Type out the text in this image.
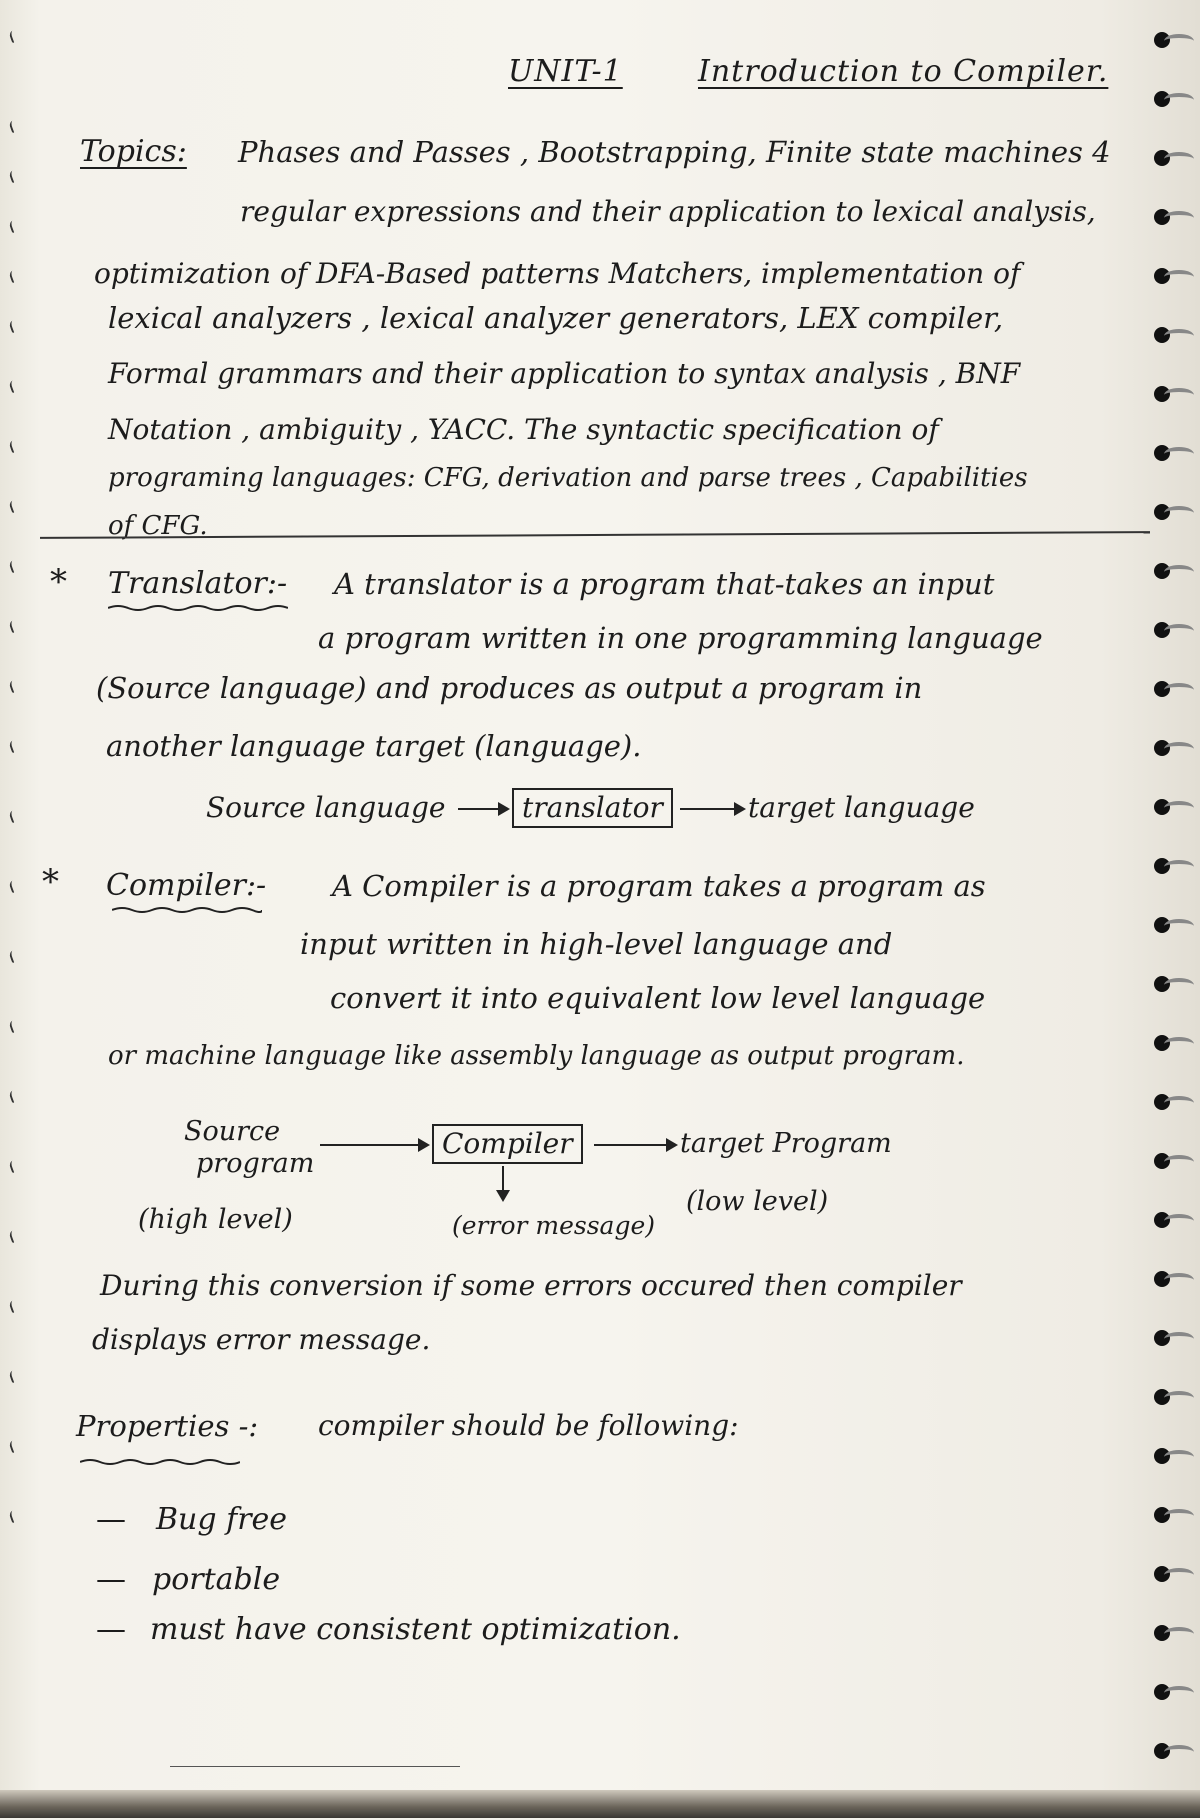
UNIT-1	Introduction to Compiler.
Topics: Phases and Passes , Bootstrapping, Finite state machines 4
regular expressions and their application to lexical analysis,
optimization of DFA-Based patterns Matchers, implementation of
lexical analyzers , lexical analyzer generators, LEX compiler,
Formal grammars and their application to syntax analysis , BNF
Notation , ambiguity , YACC. The syntactic specification of
programing languages: CFG, derivation and parse trees , Capabilities
of CFG.
* Translator:- A translator is a program that-takes an input
a program written in one programming language
(Source language) and produces as output a program in
another language target (language).
Source language	translator	target language
* Compiler:- A Compiler is a program takes a program as
input written in high-level language and
convert it into equivalent low level language
or machine language like assembly language as output program.
Source
program
(high level)
Compiler	target Program
(low level)
(error message)
During this conversion if some errors occured then compiler
displays error message.
Properties -: compiler should be following:
— Bug free
— portable
— must have consistent optimization.
